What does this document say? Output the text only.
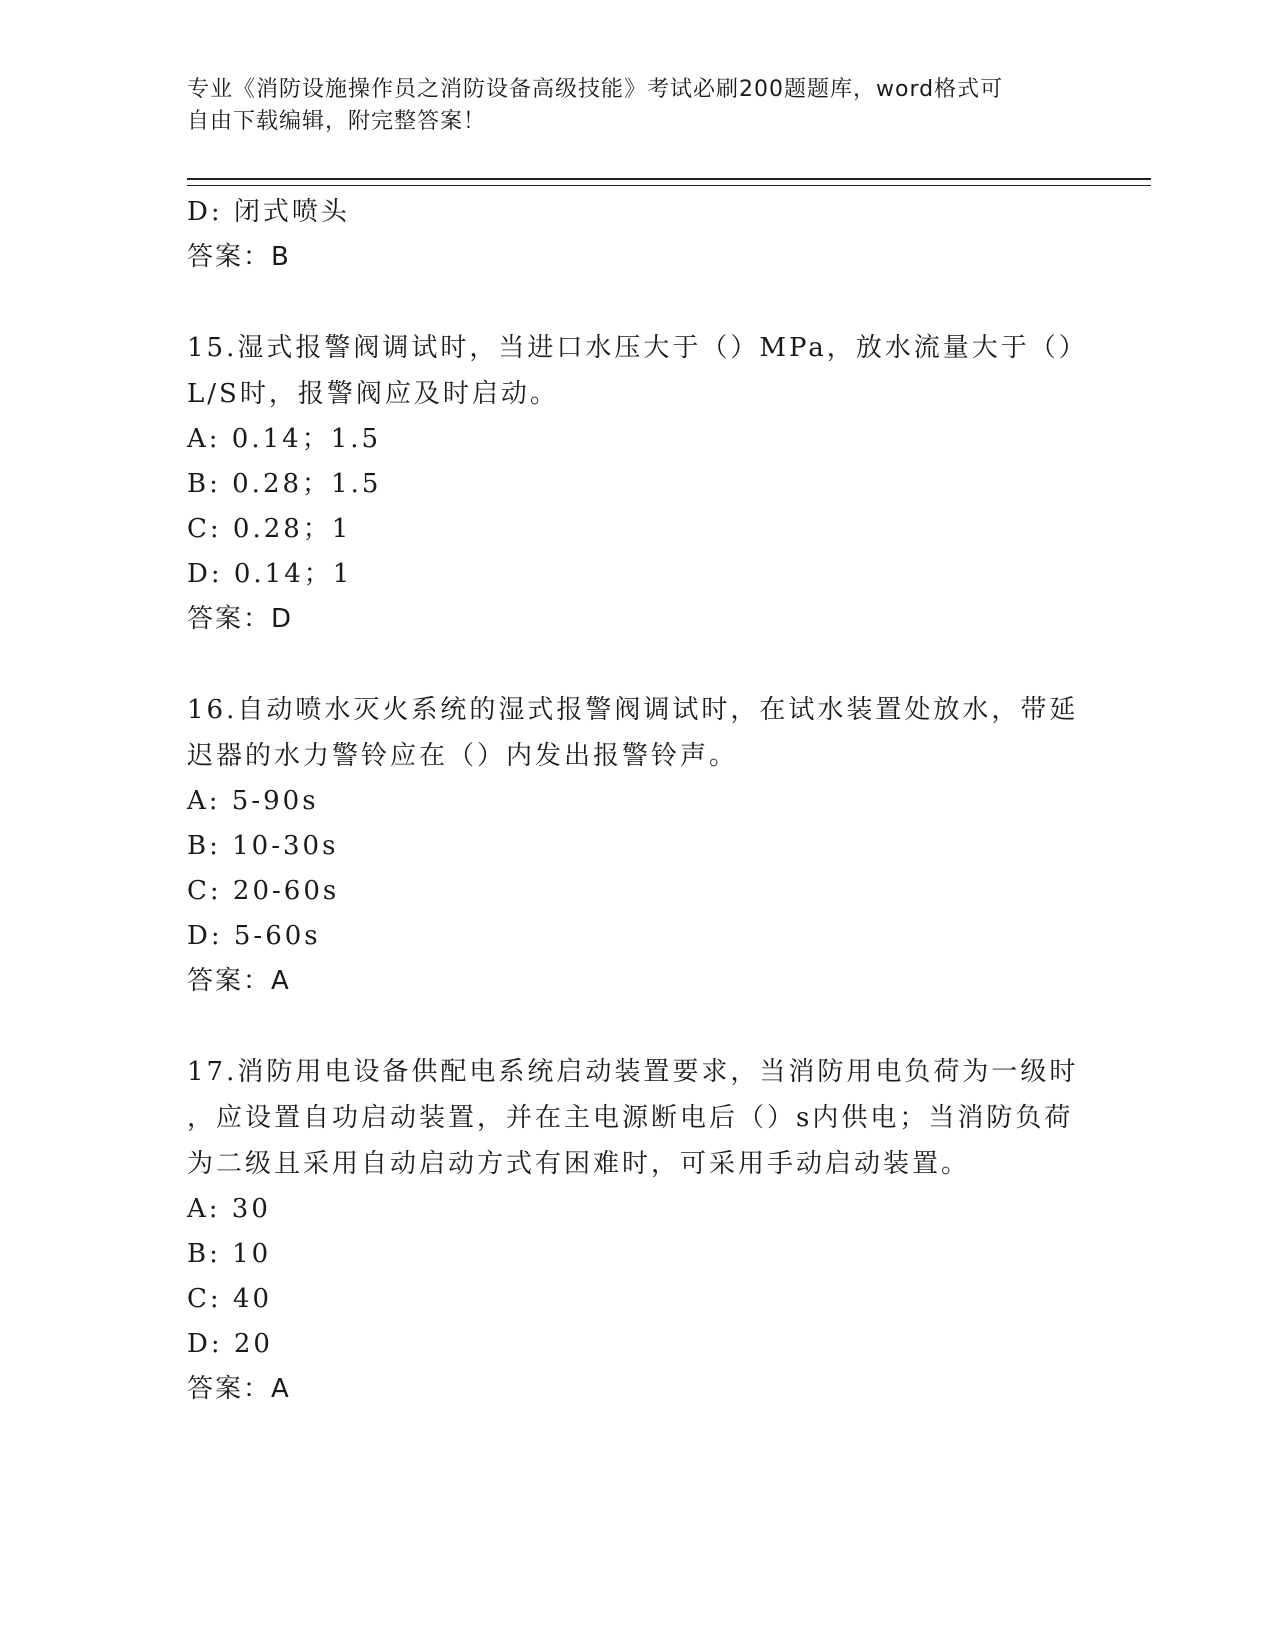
专业《消防设施操作员之消防设备高级技能》考试必刷200题题库，word格式可
自由下载编辑，附完整答案！
D: 闭式喷头
答案：B
15.湿式报警阀调试时，当进口水压大于（）MPa，放水流量大于（）
L/S时，报警阀应及时启动。
A: 0.14；1.5
B: 0.28；1.5
C: 0.28；1
D: 0.14；1
答案：D
16.自动喷水灭火系统的湿式报警阀调试时，在试水装置处放水，带延
迟器的水力警铃应在（）内发出报警铃声。
A: 5-90s
B: 10-30s
C: 20-60s
D: 5-60s
答案：A
17.消防用电设备供配电系统启动装置要求，当消防用电负荷为一级时
，应设置自功启动装置，并在主电源断电后（）s内供电；当消防负荷
为二级且采用自动启动方式有困难时，可采用手动启动装置。
A: 30
B: 10
C: 40
D: 20
答案：A
